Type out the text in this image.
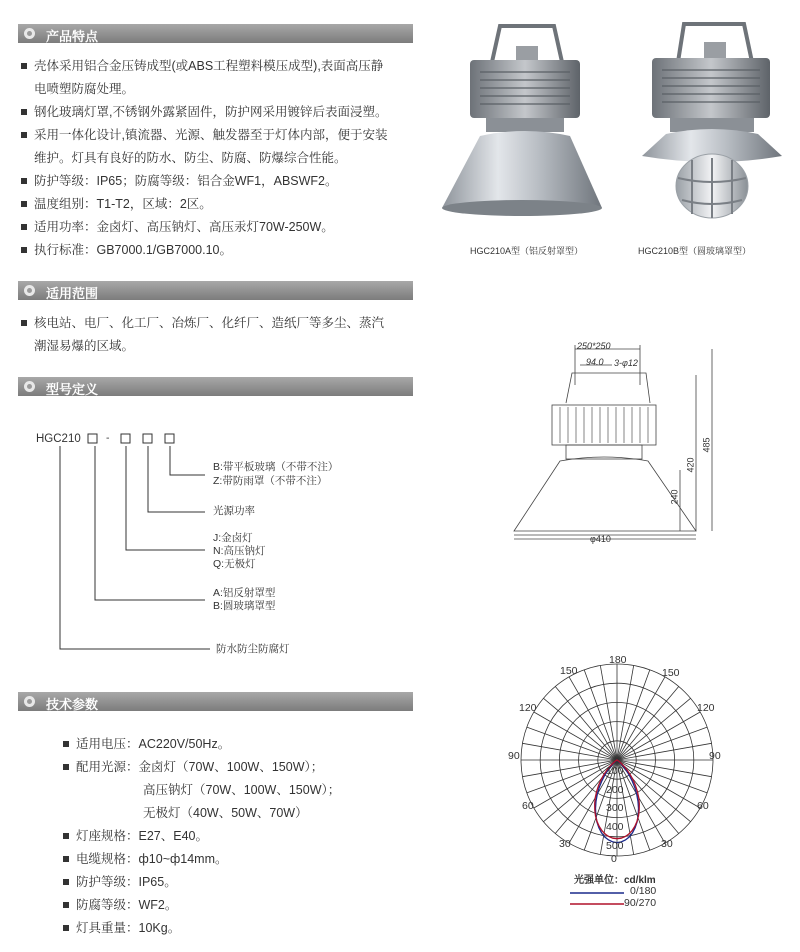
产品特点
壳体采用铝合金压铸成型(或ABS工程塑料模压成型),表面高压静
电喷塑防腐处理。
钢化玻璃灯罩,不锈钢外露紧固件，防护网采用镀锌后表面浸塑。
采用一体化设计,镇流器、光源、触发器至于灯体内部，便于安装
维护。灯具有良好的防水、防尘、防腐、防爆综合性能。
防护等级：IP65；防腐等级：铝合金WF1，ABSWF2。
温度组别：T1-T2，区域：2区。
适用功率：金卤灯、高压钠灯、高压汞灯70W-250W。
执行标准：GB7000.1/GB7000.10。
适用范围
核电站、电厂、化工厂、冶炼厂、化纤厂、造纸厂等多尘、蒸汽
潮湿易爆的区域。
型号定义
HGC210 -
B:带平板玻璃（不带不注）
Z:带防雨罩（不带不注）
光源功率
J:金卤灯
N:高压钠灯
Q:无极灯
A:铝反射罩型
B:圆玻璃罩型
防水防尘防腐灯
技术参数
适用电压：AC220V/50Hz。
配用光源：金卤灯（70W、100W、150W）；
高压钠灯（70W、100W、150W）；
无极灯（40W、50W、70W）
灯座规格：E27、E40。
电缆规格：ф10~ф14mm。
防护等级：IP65。
防腐等级：WF2。
灯具重量：10Kg。
HGC210A型（铝反射罩型）	HGC210B型（圆玻璃罩型）
250*250
94.0 3-φ12
485
420
240
φ410
180
150	150
120	120
90	90
60	60
30	30
0
100
200
300
400
500
光强单位：cd/klm
0/180
90/270
